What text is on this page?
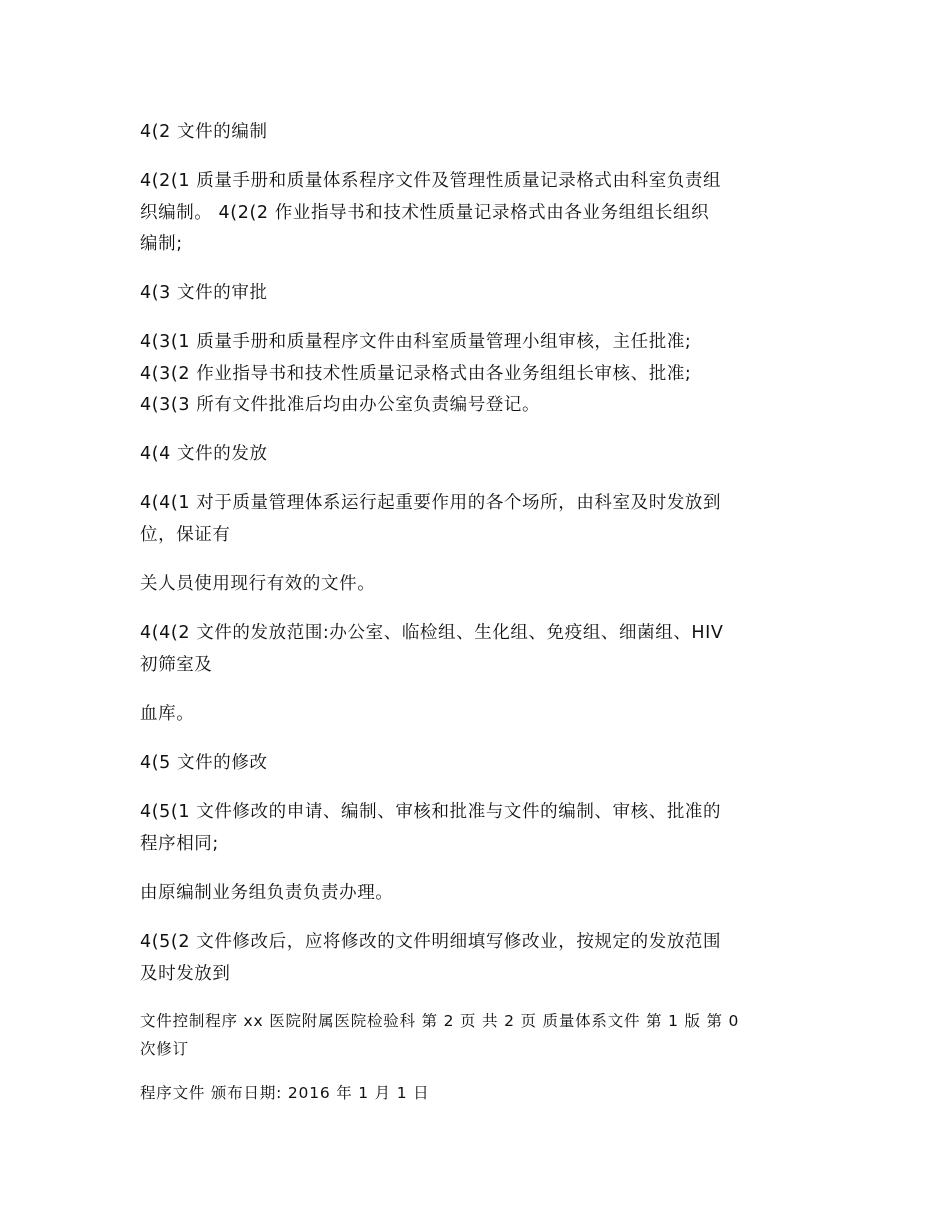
4(2 文件的编制
4(2(1 质量手册和质量体系程序文件及管理性质量记录格式由科室负责组
织编制。 4(2(2 作业指导书和技术性质量记录格式由各业务组组长组织
编制;
4(3 文件的审批
4(3(1 质量手册和质量程序文件由科室质量管理小组审核，主任批准;
4(3(2 作业指导书和技术性质量记录格式由各业务组组长审核、批准;
4(3(3 所有文件批准后均由办公室负责编号登记。
4(4 文件的发放
4(4(1 对于质量管理体系运行起重要作用的各个场所，由科室及时发放到
位，保证有
关人员使用现行有效的文件。
4(4(2 文件的发放范围:办公室、临检组、生化组、免疫组、细菌组、HIV
初筛室及
血库。
4(5 文件的修改
4(5(1 文件修改的申请、编制、审核和批准与文件的编制、审核、批准的
程序相同;
由原编制业务组负责负责办理。
4(5(2 文件修改后，应将修改的文件明细填写修改业，按规定的发放范围
及时发放到
文件控制程序 xx 医院附属医院检验科 第 2 页 共 2 页 质量体系文件 第 1 版 第 0
次修订
程序文件 颁布日期: 2016 年 1 月 1 日
